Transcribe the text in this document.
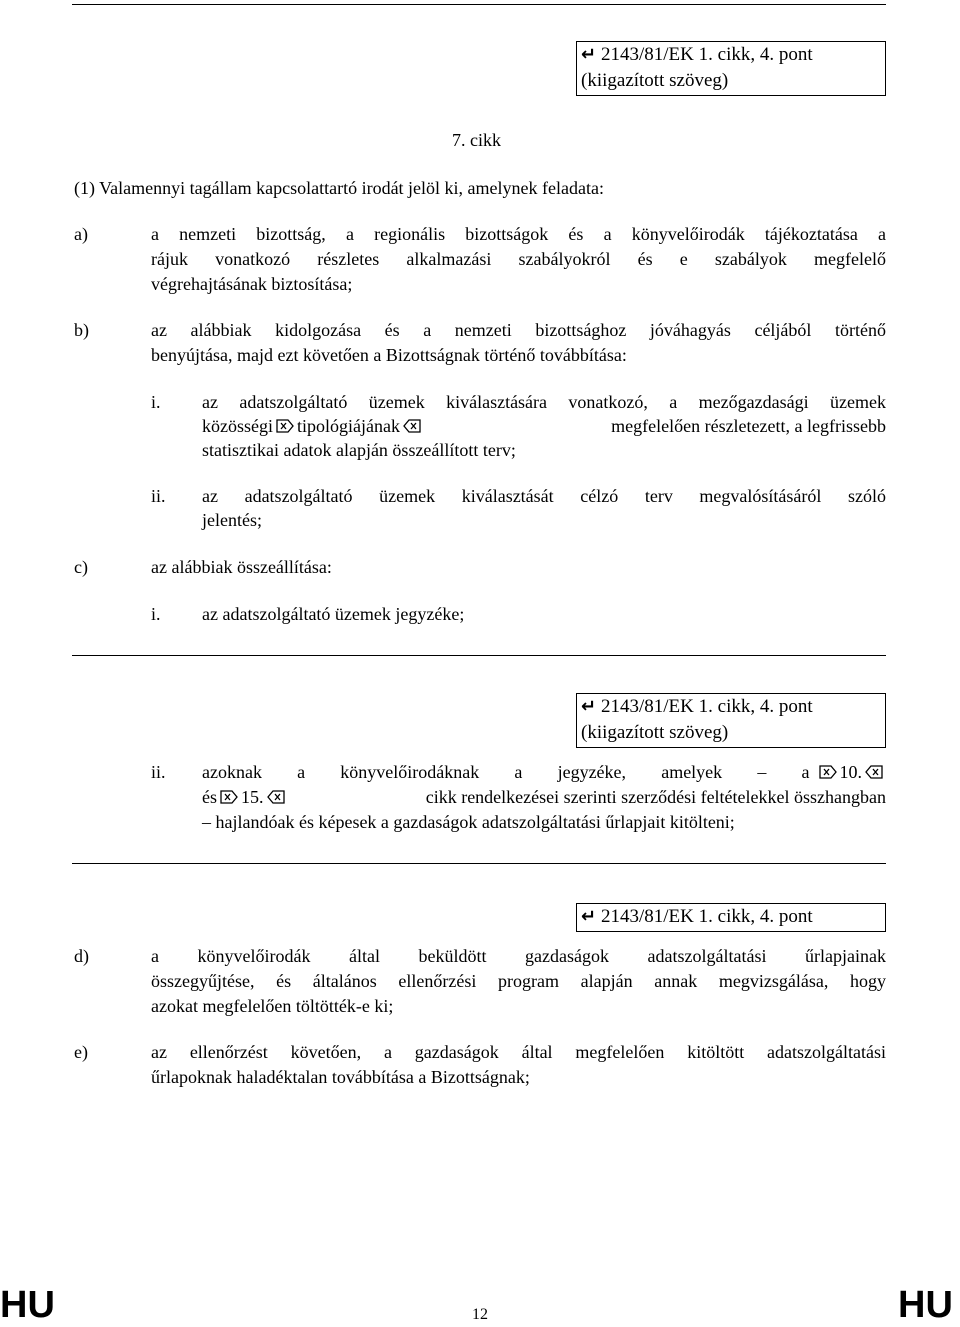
↵ 2143/81/EK 1. cikk, 4. pont
(kiigazított szöveg)
7. cikk
(1) Valamennyi tagállam kapcsolattartó irodát jelöl ki, amelynek feladata:
a)	a nemzeti bizottság, a regionális bizottságok és a könyvelőirodák tájékoztatása a
rájuk vonatkozó részletes alkalmazási szabályokról és e szabályok megfelelő
végrehajtásának biztosítása;
b)	az alábbiak kidolgozása és a nemzeti bizottsághoz jóváhagyás céljából történő
benyújtása, majd ezt követően a Bizottságnak történő továbbítása:
i. az adatszolgáltató üzemek kiválasztására vonatkozó, a mezőgazdasági üzemek
közösségi tipológiájának	megfelelően részletezett, a legfrissebb
statisztikai adatok alapján összeállított terv;
ii. az adatszolgáltató üzemek kiválasztását célzó terv megvalósításáról szóló
jelentés;
c)	az alábbiak összeállítása:
i. az adatszolgáltató üzemek jegyzéke;
↵ 2143/81/EK 1. cikk, 4. pont
(kiigazított szöveg)
ii. azoknak a könyvelőirodáknak a jegyzéke, amelyek – a	10.
és 15.	cikk rendelkezései szerinti szerződési feltételekkel összhangban
– hajlandóak és képesek a gazdaságok adatszolgáltatási űrlapjait kitölteni;
↵ 2143/81/EK 1. cikk, 4. pont
d)	a könyvelőirodák által beküldött gazdaságok adatszolgáltatási űrlapjainak
összegyűjtése, és általános ellenőrzési program alapján annak megvizsgálása, hogy
azokat megfelelően töltötték-e ki;
e)	az ellenőrzést követően, a gazdaságok által megfelelően kitöltött adatszolgáltatási
űrlapoknak haladéktalan továbbítása a Bizottságnak;
HU	12	HU
